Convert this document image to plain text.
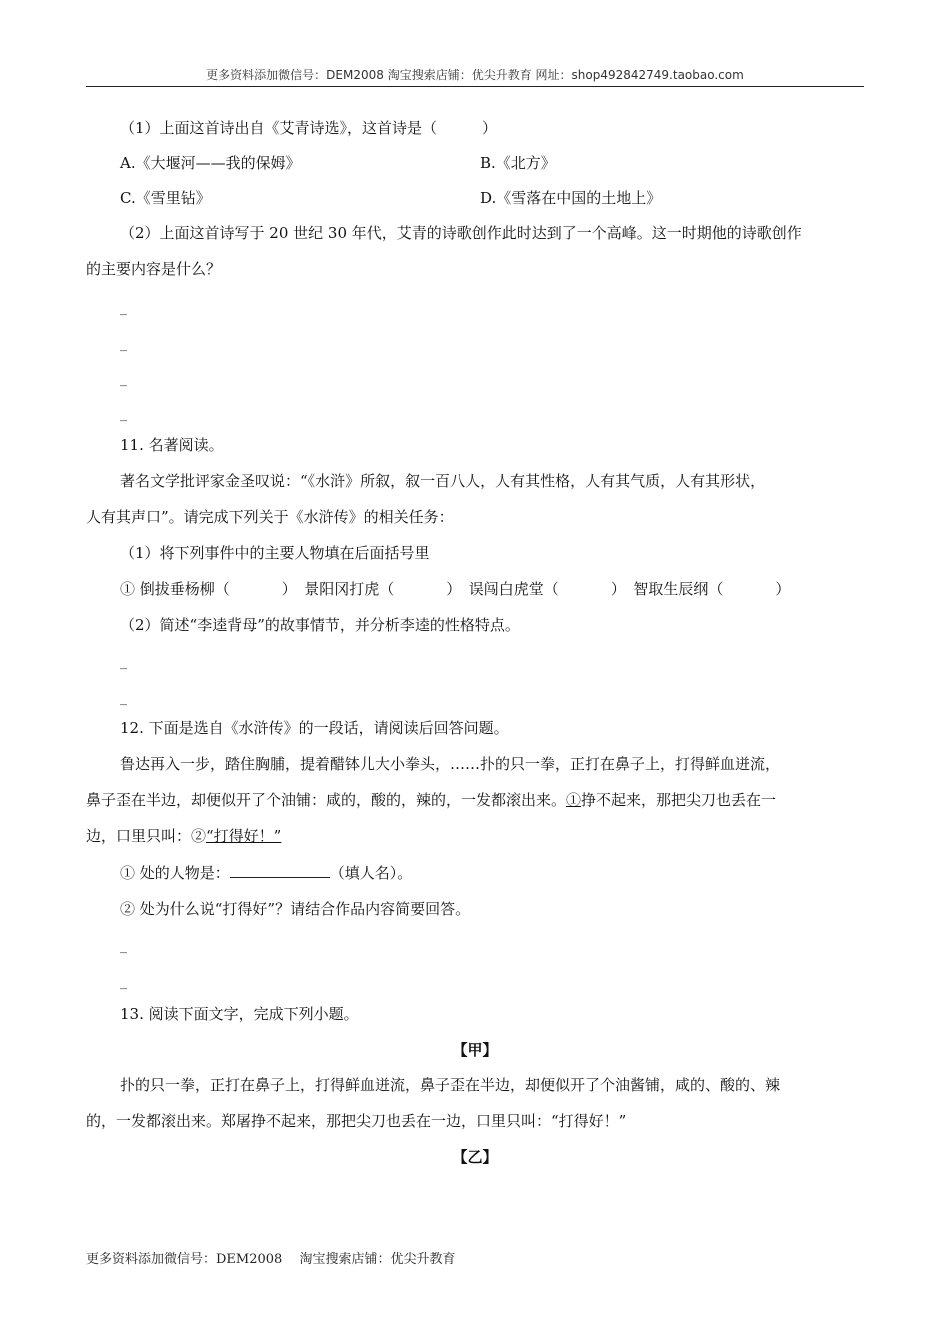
更多资料添加微信号：DEM2008 淘宝搜索店铺：优尖升教育 网址：shop492842749.taobao.com
（1）上面这首诗出自《艾青诗选》，这首诗是（　　　）
A.《大堰河——我的保姆》	B.《北方》
C.《雪里钻》	D.《雪落在中国的土地上》
（2）上面这首诗写于 20 世纪 30 年代，艾青的诗歌创作此时达到了一个高峰。这一时期他的诗歌创作
的主要内容是什么？
_
_
_
_
11. 名著阅读。
著名文学批评家金圣叹说：“《水浒》所叙，叙一百八人，人有其性格，人有其气质，人有其形状，
人有其声口”。请完成下列关于《水浒传》的相关任务：
（1）将下列事件中的主要人物填在后面括号里
① 倒拔垂杨柳（	）　景阳冈打虎（	）　误闯白虎堂（	）　智取生辰纲（	）
（2）简述“李逵背母”的故事情节，并分析李逵的性格特点。
_
_
12. 下面是选自《水浒传》的一段话，请阅读后回答问题。
鲁达再入一步，踏住胸脯，提着醋钵儿大小拳头，……扑的只一拳，正打在鼻子上，打得鲜血迸流，
鼻子歪在半边，却便似开了个油铺：咸的，酸的，辣的，一发都滚出来。①挣不起来，那把尖刀也丢在一
边，口里只叫：②“打得好！”
① 处的人物是：	（填人名）。
② 处为什么说“打得好”？请结合作品内容简要回答。
_
_
13. 阅读下面文字，完成下列小题。
【甲】
扑的只一拳，正打在鼻子上，打得鲜血迸流，鼻子歪在半边，却便似开了个油酱铺，咸的、酸的、辣
的，一发都滚出来。郑屠挣不起来，那把尖刀也丢在一边，口里只叫：“打得好！”
【乙】
更多资料添加微信号：DEM2008　 淘宝搜索店铺：优尖升教育
